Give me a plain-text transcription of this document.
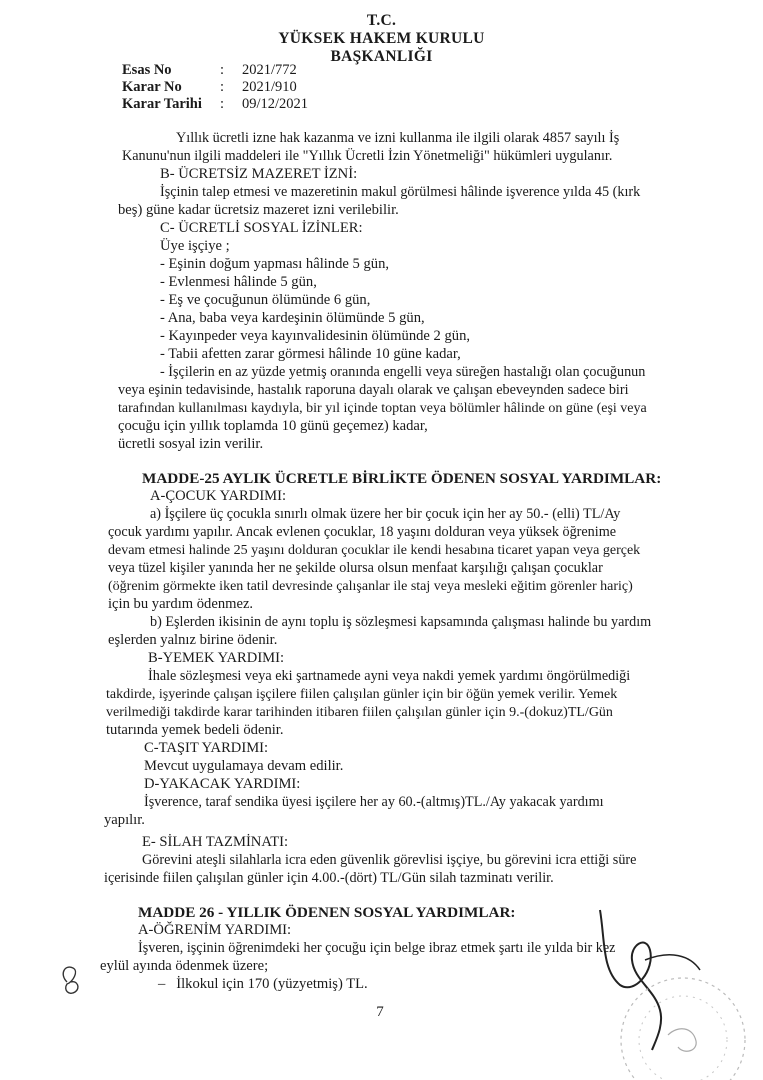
T.C.
YÜKSEK HAKEM KURULU
BAŞKANLIĞI
Esas No	: 2021/772
Karar No	: 2021/910
Karar Tarihi : 09/12/2021
Yıllık ücretli izne hak kazanma ve izni kullanma ile ilgili olarak 4857 sayılı İş
Kanunu'nun ilgili maddeleri ile "Yıllık Ücretli İzin Yönetmeliği" hükümleri uygulanır.
B- ÜCRETSİZ MAZERET İZNİ:
İşçinin talep etmesi ve mazeretinin makul görülmesi hâlinde işverence yılda 45 (kırk
beş) güne kadar ücretsiz mazeret izni verilebilir.
C- ÜCRETLİ SOSYAL İZİNLER:
Üye işçiye ;
- Eşinin doğum yapması hâlinde 5 gün,
- Evlenmesi hâlinde 5 gün,
- Eş ve çocuğunun ölümünde 6 gün,
- Ana, baba veya kardeşinin ölümünde 5 gün,
- Kayınpeder veya kayınvalidesinin ölümünde 2 gün,
- Tabii afetten zarar görmesi hâlinde 10 güne kadar,
- İşçilerin en az yüzde yetmiş oranında engelli veya süreğen hastalığı olan çocuğunun
veya eşinin tedavisinde, hastalık raporuna dayalı olarak ve çalışan ebeveynden sadece biri
tarafından kullanılması kaydıyla, bir yıl içinde toptan veya bölümler hâlinde on güne (eşi veya
çocuğu için yıllık toplamda 10 günü geçemez) kadar,
ücretli sosyal izin verilir.
MADDE-25 AYLIK ÜCRETLE BİRLİKTE ÖDENEN SOSYAL YARDIMLAR:
A-ÇOCUK YARDIMI:
a) İşçilere üç çocukla sınırlı olmak üzere her bir çocuk için her ay 50.- (elli) TL/Ay
çocuk yardımı yapılır. Ancak evlenen çocuklar, 18 yaşını dolduran veya yüksek öğrenime
devam etmesi halinde 25 yaşını dolduran çocuklar ile kendi hesabına ticaret yapan veya gerçek
veya tüzel kişiler yanında her ne şekilde olursa olsun menfaat karşılığı çalışan çocuklar
(öğrenim görmekte iken tatil devresinde çalışanlar ile staj veya mesleki eğitim görenler hariç)
için bu yardım ödenmez.
b) Eşlerden ikisinin de aynı toplu iş sözleşmesi kapsamında çalışması halinde bu yardım
eşlerden yalnız birine ödenir.
B-YEMEK YARDIMI:
İhale sözleşmesi veya eki şartnamede ayni veya nakdi yemek yardımı öngörülmediği
takdirde, işyerinde çalışan işçilere fiilen çalışılan günler için bir öğün yemek verilir. Yemek
verilmediği takdirde karar tarihinden itibaren fiilen çalışılan günler için 9.-(dokuz)TL/Gün
tutarında yemek bedeli ödenir.
C-TAŞIT YARDIMI:
Mevcut uygulamaya devam edilir.
D-YAKACAK YARDIMI:
İşverence, taraf sendika üyesi işçilere her ay 60.-(altmış)TL./Ay yakacak yardımı
yapılır.
E- SİLAH TAZMİNATI:
Görevini ateşli silahlarla icra eden güvenlik görevlisi işçiye, bu görevini icra ettiği süre
içerisinde fiilen çalışılan günler için 4.00.-(dört) TL/Gün silah tazminatı verilir.
MADDE 26 - YILLIK ÖDENEN SOSYAL YARDIMLAR:
A-ÖĞRENİM YARDIMI:
İşveren, işçinin öğrenimdeki her çocuğu için belge ibraz etmek şartı ile yılda bir kez
eylül ayında ödenmek üzere;
– İlkokul için 170 (yüzyetmiş) TL.
7
